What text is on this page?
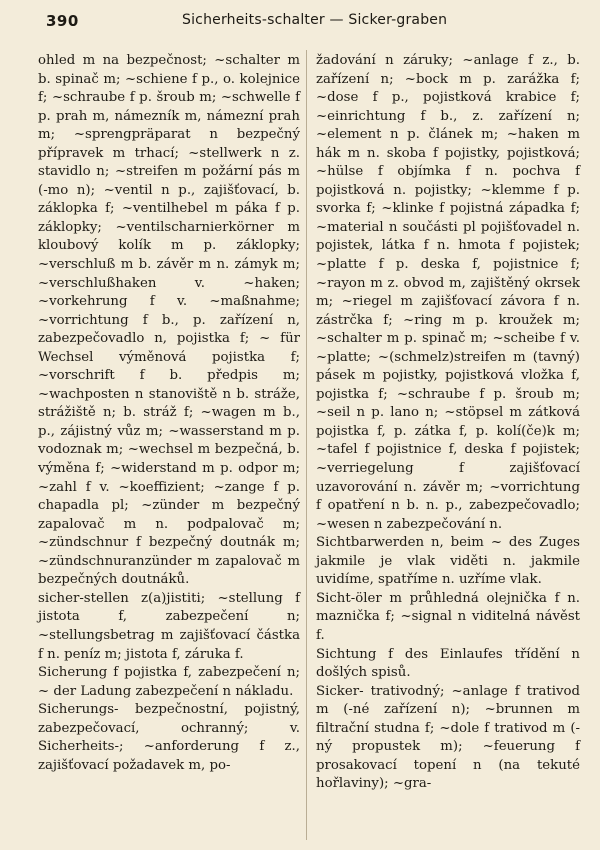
390	Sicherheits-schalter — Sicker-graben

ohled m na bezpečnost; ~schalter m b. spinač m; ~schiene f p., o. kolejnice f; ~schraube f p. šroub m; ~schwelle f p. prah m, námezník m, námezní prah m; ~sprengpräparat n bezpečný přípravek m trhací; ~stellwerk n z. stavidlo n; ~streifen m požární pás m (-mo n); ~ventil n p., zajišťovací, b. záklopka f; ~ventilhebel m páka f p. záklopky; ~ventilscharnierkörner m kloubový kolík m p. záklopky; ~verschluß m b. závěr m n. zámyk m; ~verschlußhaken v. ~haken; ~vorkehrung f v. ~maßnahme; ~vorrichtung f b., p. zařízení n, zabezpečovadlo n, pojistka f; ~ für Wechsel výměnová pojistka f; ~vorschrift f b. předpis m; ~wachposten n stanoviště n b. stráže, strážiště n; b. stráž f; ~wagen m b., p., zájistný vůz m; ~wasserstand m p. vodoznak m; ~wechsel m bezpečná, b. výměna f; ~widerstand m p. odpor m; ~zahl f v. ~koeffizient; ~zange f p. chapadla pl; ~zünder m bezpečný zapalovač m n. podpalovač m; ~zündschnur f bezpečný doutnák m; ~zündschnuranzünder m zapalovač m bezpečných doutnáků.

sicher-stellen z(a)jistiti; ~stellung f jistota f, zabezpečení n; ~stellungsbetrag m zajišťovací částka f n. peníz m; jistota f, záruka f.

Sicherung f pojistka f, zabezpečení n; ~ der Ladung zabezpečení n nákladu.

Sicherungs- bezpečnostní, pojistný, zabezpečovací, ochranný; v. Sicherheits-; ~anforderung f z., zajišťovací požadavek m, po-

žadování n záruky; ~anlage f z., b. zařízení n; ~bock m p. zarážka f; ~dose f p., pojistková krabice f; ~einrichtung f b., z. zařízení n; ~element n p. článek m; ~haken m hák m n. skoba f pojistky, pojistková; ~hülse f objímka f n. pochva f pojistková n. pojistky; ~klemme f p. svorka f; ~klinke f pojistná západka f; ~material n součásti pl pojišťovadel n. pojistek, látka f n. hmota f pojistek; ~platte f p. deska f, pojistnice f; ~rayon m z. obvod m, zajištěný okrsek m; ~riegel m zajišťovací závora f n. zástrčka f; ~ring m p. kroužek m; ~schalter m p. spinač m; ~scheibe f v. ~platte; ~(schmelz)streifen m (tavný) pásek m pojistky, pojistková vložka f, pojistka f; ~schraube f p. šroub m; ~seil n p. lano n; ~stöpsel m zátková pojistka f, p. zátka f, p. kolí(če)k m; ~tafel f pojistnice f, deska f pojistek; ~verriegelung f zajišťovací uzavorování n. závěr m; ~vorrichtung f opatření n b. n. p., zabezpečovadlo; ~wesen n zabezpečování n.

Sichtbarwerden n, beim ~ des Zuges jakmile je vlak viděti n. jakmile uvidíme, spatříme n. uzříme vlak.

Sicht-öler m průhledná olejnička f n. maznička f; ~signal n viditelná návěst f.

Sichtung f des Einlaufes třídění n došlých spisů.

Sicker- trativodný; ~anlage f trativod m (-né zařízení n); ~brunnen m filtrační studna f; ~dole f trativod m (-ný propustek m); ~feuerung f prosakovací topení n (na tekuté hořlaviny); ~gra-
